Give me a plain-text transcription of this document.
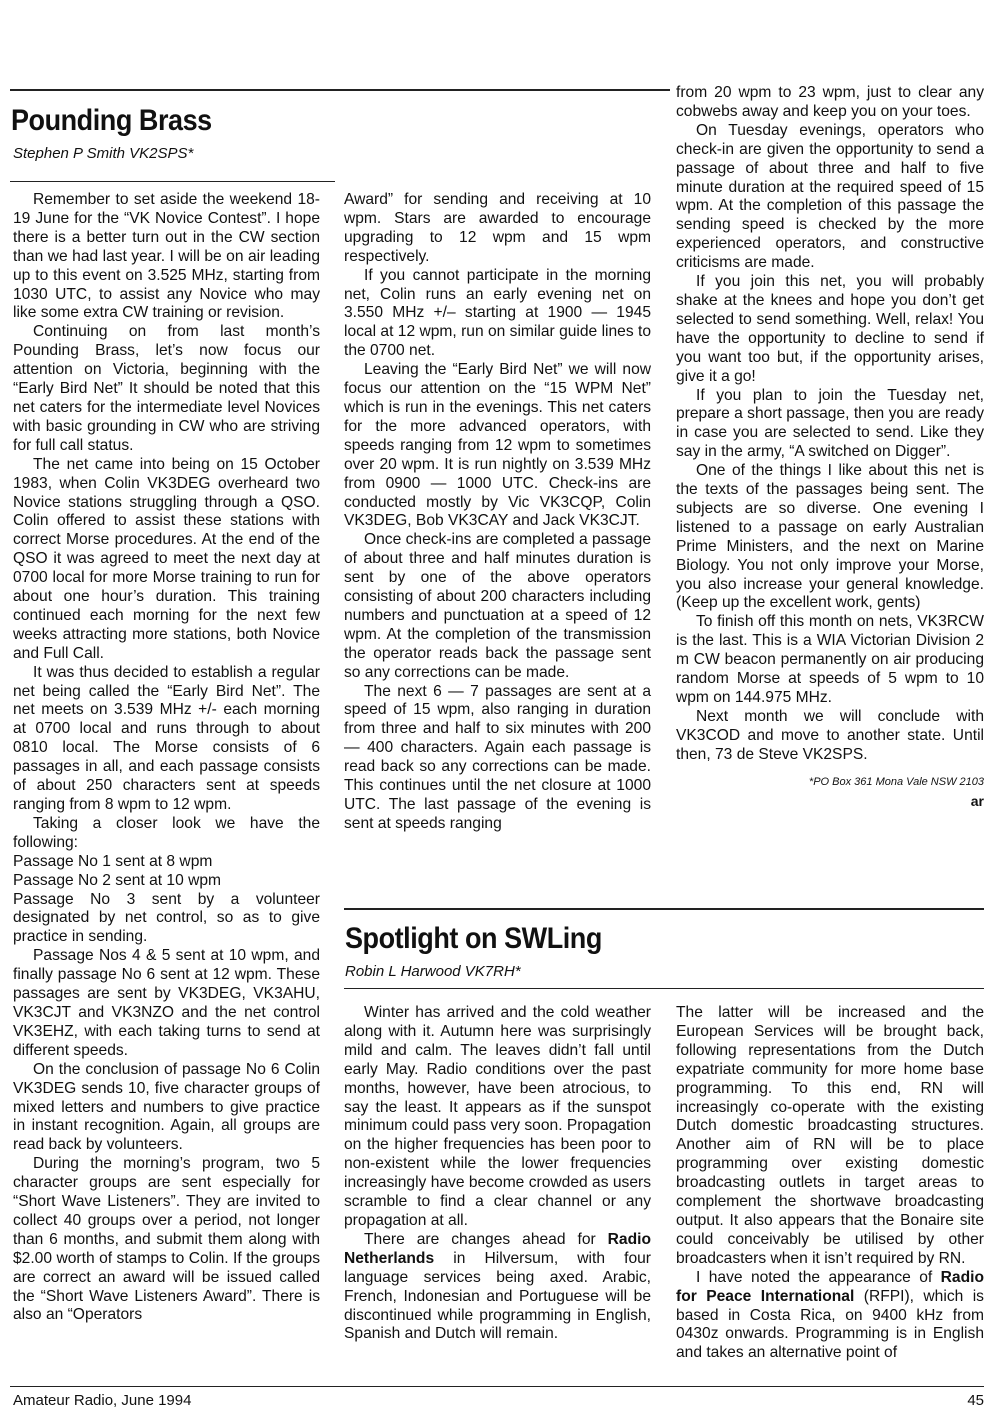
Pounding Brass
Stephen P Smith VK2SPS*

Remember to set aside the weekend 18-19 June for the “VK Novice Contest”. I hope there is a better turn out in the CW section than we had last year. I will be on air leading up to this event on 3.525 MHz, starting from 1030 UTC, to assist any Novice who may like some extra CW training or revision.

Continuing on from last month’s Pounding Brass, let’s now focus our attention on Victoria, beginning with the “Early Bird Net” It should be noted that this net caters for the intermediate level Novices with basic grounding in CW who are striving for full call status.

The net came into being on 15 October 1983, when Colin VK3DEG overheard two Novice stations struggling through a QSO. Colin offered to assist these stations with correct Morse procedures. At the end of the QSO it was agreed to meet the next day at 0700 local for more Morse training to run for about one hour’s duration. This training continued each morning for the next few weeks attracting more stations, both Novice and Full Call.

It was thus decided to establish a regular net being called the “Early Bird Net”. The net meets on 3.539 MHz +/- each morning at 0700 local and runs through to about 0810 local. The Morse consists of 6 passages in all, and each passage consists of about 250 characters sent at speeds ranging from 8 wpm to 12 wpm.

Taking a closer look we have the following:

Passage No 1 sent at 8 wpm

Passage No 2 sent at 10 wpm

Passage No 3 sent by a volunteer designated by net control, so as to give practice in sending.

Passage Nos 4 & 5 sent at 10 wpm, and finally passage No 6 sent at 12 wpm. These passages are sent by VK3DEG, VK3AHU, VK3CJT and VK3NZO and the net control VK3EHZ, with each taking turns to send at different speeds.

On the conclusion of passage No 6 Colin VK3DEG sends 10, five character groups of mixed letters and numbers to give practice in instant recognition. Again, all groups are read back by volunteers.

During the morning’s program, two 5 character groups are sent especially for “Short Wave Listeners”. They are invited to collect 40 groups over a period, not longer than 6 months, and submit them along with $2.00 worth of stamps to Colin. If the groups are correct an award will be issued called the “Short Wave Listeners Award”. There is also an “Operators

Award” for sending and receiving at 10 wpm. Stars are awarded to encourage upgrading to 12 wpm and 15 wpm respectively.

If you cannot participate in the morning net, Colin runs an early evening net on 3.550 MHz +/– starting at 1900 — 1945 local at 12 wpm, run on similar guide lines to the 0700 net.

Leaving the “Early Bird Net” we will now focus our attention on the “15 WPM Net” which is run in the evenings. This net caters for the more advanced operators, with speeds ranging from 12 wpm to sometimes over 20 wpm. It is run nightly on 3.539 MHz from 0900 — 1000 UTC. Check-ins are conducted mostly by Vic VK3CQP, Colin VK3DEG, Bob VK3CAY and Jack VK3CJT.

Once check-ins are completed a passage of about three and half minutes duration is sent by one of the above operators consisting of about 200 characters including numbers and punctuation at a speed of 12 wpm. At the completion of the transmission the operator reads back the passage sent so any corrections can be made.

The next 6 — 7 passages are sent at a speed of 15 wpm, also ranging in duration from three and half to six minutes with 200 — 400 characters. Again each passage is read back so any corrections can be made. This continues until the net closure at 1000 UTC. The last passage of the evening is sent at speeds ranging

from 20 wpm to 23 wpm, just to clear any cobwebs away and keep you on your toes.

On Tuesday evenings, operators who check-in are given the opportunity to send a passage of about three and half to five minute duration at the required speed of 15 wpm. At the completion of this passage the sending speed is checked by the more experienced operators, and constructive criticisms are made.

If you join this net, you will probably shake at the knees and hope you don’t get selected to send something. Well, relax! You have the opportunity to decline to send if you want too but, if the opportunity arises, give it a go!

If you plan to join the Tuesday net, prepare a short passage, then you are ready in case you are selected to send. Like they say in the army, “A switched on Digger”.

One of the things I like about this net is the texts of the passages being sent. The subjects are so diverse. One evening I listened to a passage on early Australian Prime Ministers, and the next on Marine Biology. You not only improve your Morse, you also increase your general knowledge. (Keep up the excellent work, gents)

To finish off this month on nets, VK3RCW is the last. This is a WIA Victorian Division 2 m CW beacon permanently on air producing random Morse at speeds of 5 wpm to 10 wpm on 144.975 MHz.

Next month we will conclude with VK3COD and move to another state. Until then, 73 de Steve VK2SPS.

*PO Box 361 Mona Vale NSW 2103

ar

Spotlight on SWLing
Robin L Harwood VK7RH*

Winter has arrived and the cold weather along with it. Autumn here was surprisingly mild and calm. The leaves didn’t fall until early May. Radio conditions over the past months, however, have been atrocious, to say the least. It appears as if the sunspot minimum could pass very soon. Propagation on the higher frequencies has been poor to non-existent while the lower frequencies increasingly have become crowded as users scramble to find a clear channel or any propagation at all.

There are changes ahead for Radio Netherlands in Hilversum, with four language services being axed. Arabic, French, Indonesian and Portuguese will be discontinued while programming in English, Spanish and Dutch will remain.

The latter will be increased and the European Services will be brought back, following representations from the Dutch expatriate community for more home base programming. To this end, RN will increasingly co-operate with the existing Dutch domestic broadcasting structures. Another aim of RN will be to place programming over existing domestic broadcasting outlets in target areas to complement the shortwave broadcasting output. It also appears that the Bonaire site could conceivably be utilised by other broadcasters when it isn’t required by RN.

I have noted the appearance of Radio for Peace International (RFPI), which is based in Costa Rica, on 9400 kHz from 0430z onwards. Programming is in English and takes an alternative point of

Amateur Radio, June 1994	45
